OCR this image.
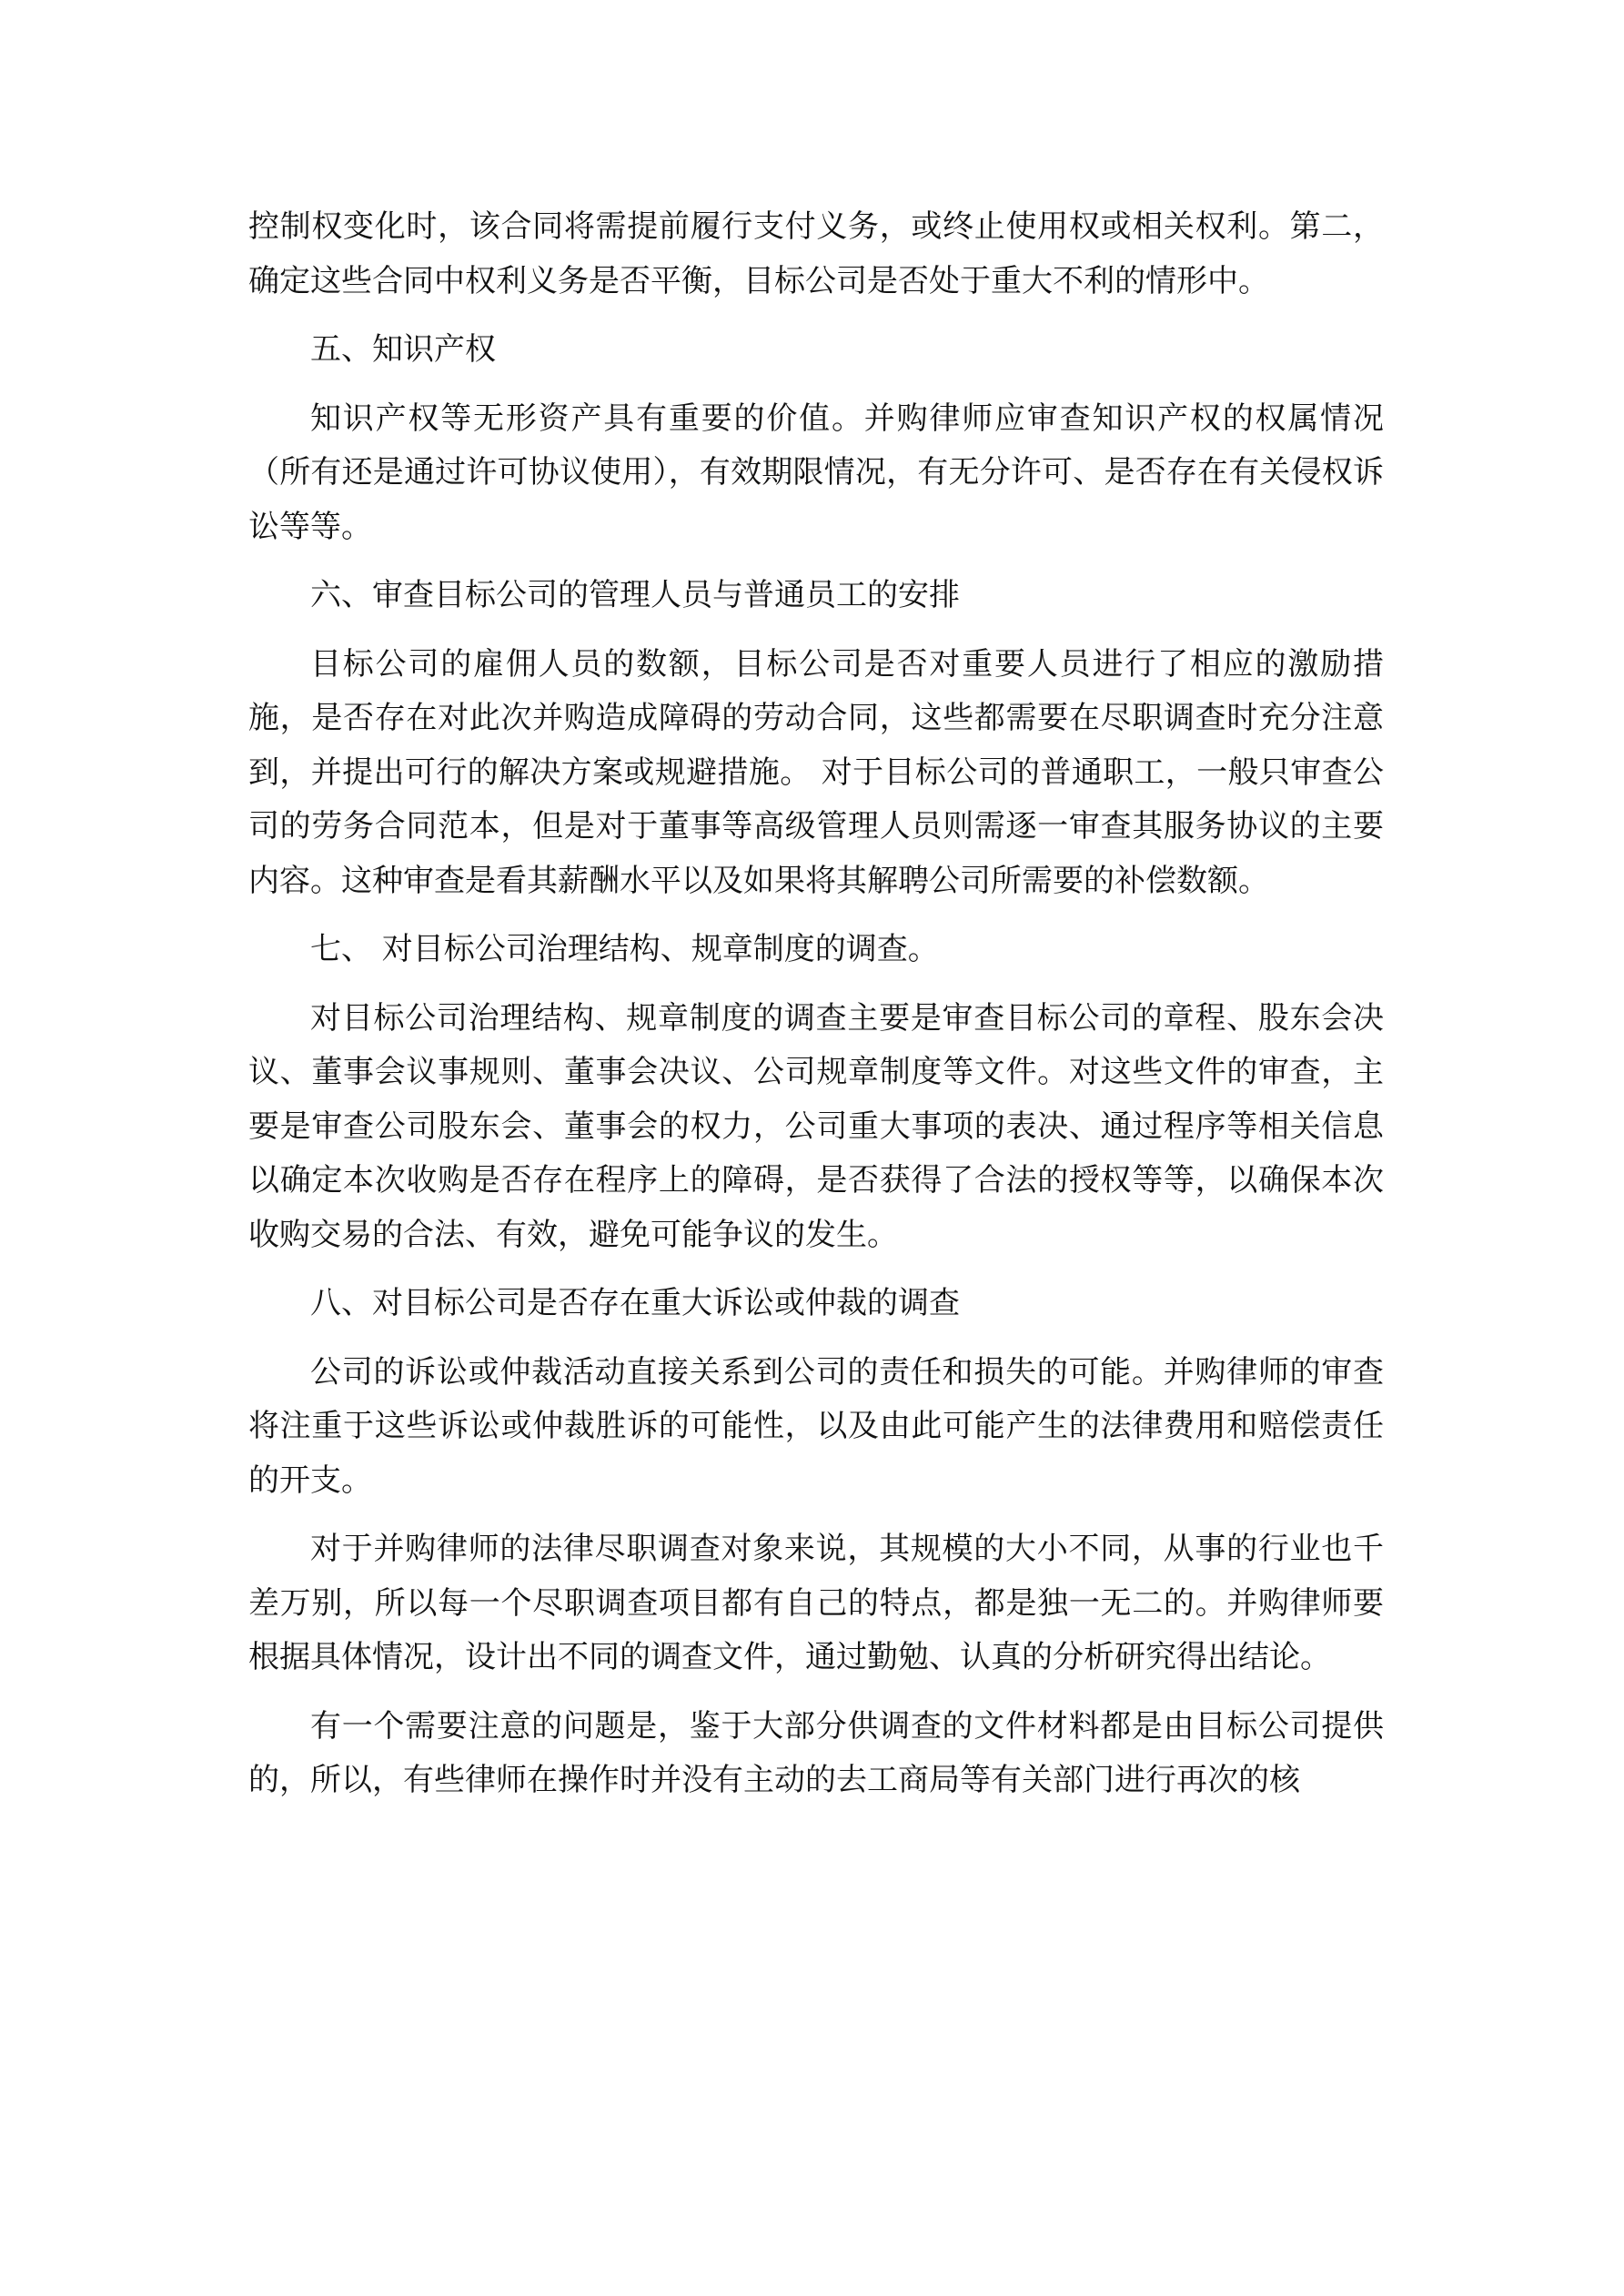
控制权变化时，该合同将需提前履行支付义务，或终止使用权或相关权利。第二，确定这些合同中权利义务是否平衡，目标公司是否处于重大不利的情形中。

五、知识产权

知识产权等无形资产具有重要的价值。并购律师应审查知识产权的权属情况（所有还是通过许可协议使用），有效期限情况，有无分许可、是否存在有关侵权诉讼等等。

六、审查目标公司的管理人员与普通员工的安排

目标公司的雇佣人员的数额，目标公司是否对重要人员进行了相应的激励措施，是否存在对此次并购造成障碍的劳动合同，这些都需要在尽职调查时充分注意到，并提出可行的解决方案或规避措施。 对于目标公司的普通职工，一般只审查公司的劳务合同范本，但是对于董事等高级管理人员则需逐一审查其服务协议的主要内容。这种审查是看其薪酬水平以及如果将其解聘公司所需要的补偿数额。

七、 对目标公司治理结构、规章制度的调查。

对目标公司治理结构、规章制度的调查主要是审查目标公司的章程、股东会决议、董事会议事规则、董事会决议、公司规章制度等文件。对这些文件的审查，主要是审查公司股东会、董事会的权力，公司重大事项的表决、通过程序等相关信息以确定本次收购是否存在程序上的障碍，是否获得了合法的授权等等，以确保本次收购交易的合法、有效，避免可能争议的发生。

八、对目标公司是否存在重大诉讼或仲裁的调查

公司的诉讼或仲裁活动直接关系到公司的责任和损失的可能。并购律师的审查将注重于这些诉讼或仲裁胜诉的可能性，以及由此可能产生的法律费用和赔偿责任的开支。

对于并购律师的法律尽职调查对象来说，其规模的大小不同，从事的行业也千差万别，所以每一个尽职调查项目都有自己的特点，都是独一无二的。并购律师要根据具体情况，设计出不同的调查文件，通过勤勉、认真的分析研究得出结论。

有一个需要注意的问题是，鉴于大部分供调查的文件材料都是由目标公司提供的，所以，有些律师在操作时并没有主动的去工商局等有关部门进行再次的核
